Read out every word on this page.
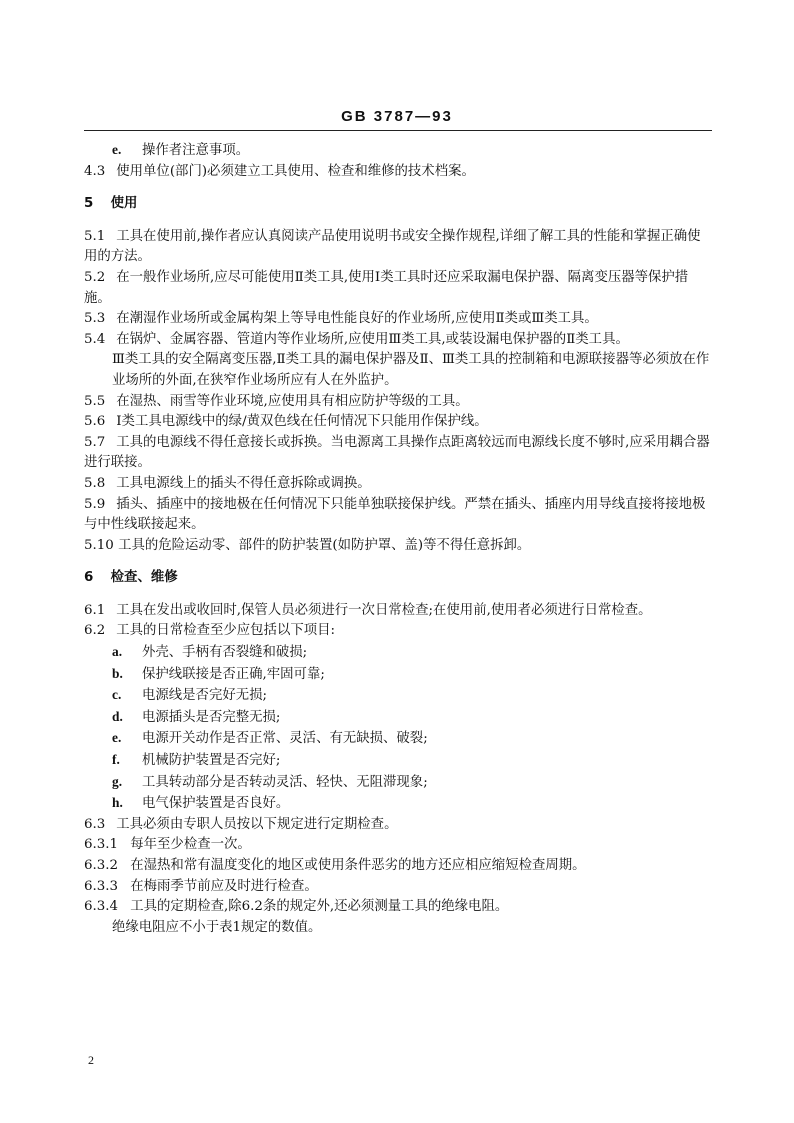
GB 3787—93
e. 操作者注意事项。
4.3 使用单位(部门)必须建立工具使用、检查和维修的技术档案。
5 使用
5.1 工具在使用前,操作者应认真阅读产品使用说明书或安全操作规程,详细了解工具的性能和掌握正确使用的方法。
5.2 在一般作业场所,应尽可能使用Ⅱ类工具,使用Ⅰ类工具时还应采取漏电保护器、隔离变压器等保护措施。
5.3 在潮湿作业场所或金属构架上等导电性能良好的作业场所,应使用Ⅱ类或Ⅲ类工具。
5.4 在锅炉、金属容器、管道内等作业场所,应使用Ⅲ类工具,或装设漏电保护器的Ⅱ类工具。
Ⅲ类工具的安全隔离变压器,Ⅱ类工具的漏电保护器及Ⅱ、Ⅲ类工具的控制箱和电源联接器等必须放在作业场所的外面,在狭窄作业场所应有人在外监护。
5.5 在湿热、雨雪等作业环境,应使用具有相应防护等级的工具。
5.6 Ⅰ类工具电源线中的绿/黄双色线在任何情况下只能用作保护线。
5.7 工具的电源线不得任意接长或拆换。当电源离工具操作点距离较远而电源线长度不够时,应采用耦合器进行联接。
5.8 工具电源线上的插头不得任意拆除或调换。
5.9 插头、插座中的接地极在任何情况下只能单独联接保护线。严禁在插头、插座内用导线直接将接地极与中性线联接起来。
5.10 工具的危险运动零、部件的防护装置(如防护罩、盖)等不得任意拆卸。
6 检查、维修
6.1 工具在发出或收回时,保管人员必须进行一次日常检查;在使用前,使用者必须进行日常检查。
6.2 工具的日常检查至少应包括以下项目:
a. 外壳、手柄有否裂缝和破损;
b. 保护线联接是否正确,牢固可靠;
c. 电源线是否完好无损;
d. 电源插头是否完整无损;
e. 电源开关动作是否正常、灵活、有无缺损、破裂;
f. 机械防护装置是否完好;
g. 工具转动部分是否转动灵活、轻快、无阻滞现象;
h. 电气保护装置是否良好。
6.3 工具必须由专职人员按以下规定进行定期检查。
6.3.1 每年至少检查一次。
6.3.2 在湿热和常有温度变化的地区或使用条件恶劣的地方还应相应缩短检查周期。
6.3.3 在梅雨季节前应及时进行检查。
6.3.4 工具的定期检查,除6.2条的规定外,还必须测量工具的绝缘电阻。
绝缘电阻应不小于表1规定的数值。
2
